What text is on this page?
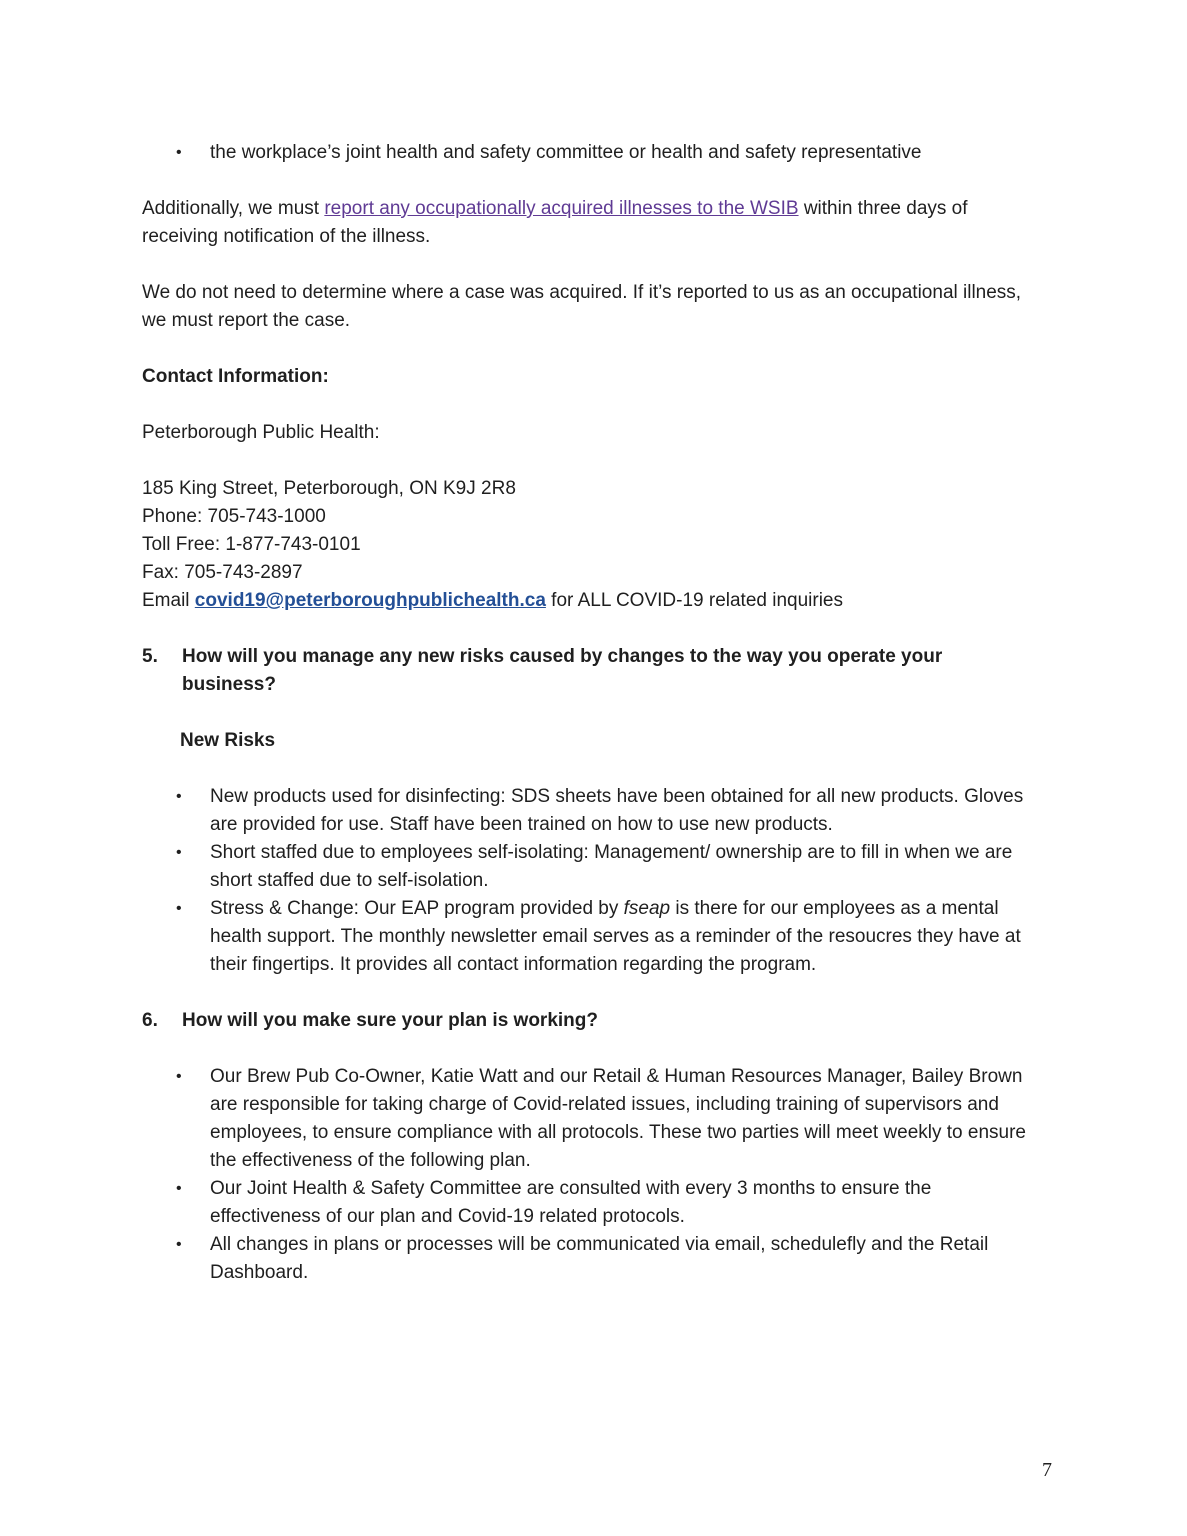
•	the workplace’s joint health and safety committee or health and safety representative

Additionally, we must report any occupationally acquired illnesses to the WSIB within three days of receiving notification of the illness.

We do not need to determine where a case was acquired. If it’s reported to us as an occupational illness, we must report the case.

Contact Information:

Peterborough Public Health:

185 King Street, Peterborough, ON K9J 2R8
Phone: 705-743-1000
Toll Free: 1-877-743-0101
Fax: 705-743-2897
Email covid19@peterboroughpublichealth.ca for ALL COVID-19 related inquiries
5.	How will you manage any new risks caused by changes to the way you operate your business?

New Risks

•	New products used for disinfecting: SDS sheets have been obtained for all new products. Gloves are provided for use. Staff have been trained on how to use new products.
•	Short staffed due to employees self-isolating: Management/ ownership are to fill in when we are short staffed due to self-isolation.
•	Stress & Change: Our EAP program provided by fseap is there for our employees as a mental health support. The monthly newsletter email serves as a reminder of the resoucres they have at their fingertips. It provides all contact information regarding the program.
6.	How will you make sure your plan is working?
•	Our Brew Pub Co-Owner, Katie Watt and our Retail & Human Resources Manager, Bailey Brown are responsible for taking charge of Covid-related issues, including training of supervisors and employees, to ensure compliance with all protocols. These two parties will meet weekly to ensure the effectiveness of the following plan.
•	Our Joint Health & Safety Committee are consulted with every 3 months to ensure the effectiveness of our plan and Covid-19 related protocols.
•	All changes in plans or processes will be communicated via email, schedulefly and the Retail Dashboard.
7
